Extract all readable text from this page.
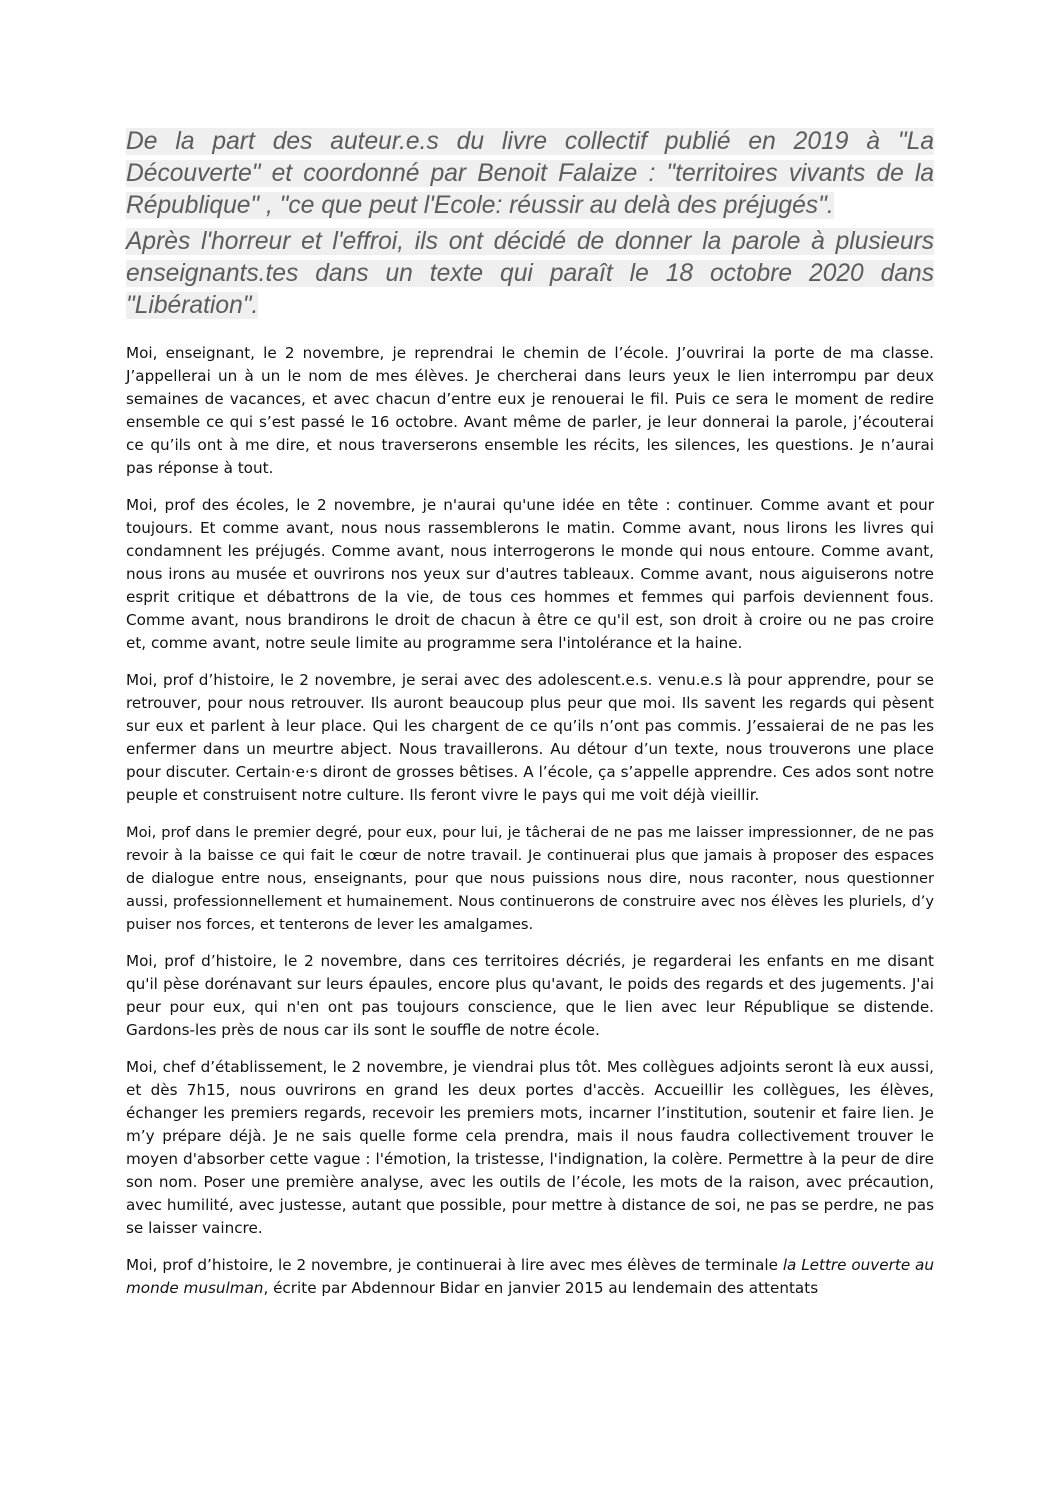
De la part des auteur.e.s du livre collectif publié en 2019 à "La Découverte" et coordonné par Benoit Falaize : "territoires vivants de la République" , "ce que peut l'Ecole: réussir au delà des préjugés".

Après l'horreur et l'effroi, ils ont décidé de donner la parole à plusieurs enseignants.tes dans un texte qui paraît le 18 octobre 2020 dans "Libération".

Moi, enseignant, le 2 novembre, je reprendrai le chemin de l’école. J’ouvrirai la porte de ma classe. J’appellerai un à un le nom de mes élèves. Je chercherai dans leurs yeux le lien interrompu par deux semaines de vacances, et avec chacun d’entre eux je renouerai le fil. Puis ce sera le moment de redire ensemble ce qui s’est passé le 16 octobre. Avant même de parler, je leur donnerai la parole, j’écouterai ce qu’ils ont à me dire, et nous traverserons ensemble les récits, les silences, les questions. Je n’aurai pas réponse à tout.

Moi, prof des écoles, le 2 novembre, je n'aurai qu'une idée en tête : continuer. Comme avant et pour toujours. Et comme avant, nous nous rassemblerons le matin. Comme avant, nous lirons les livres qui condamnent les préjugés. Comme avant, nous interrogerons le monde qui nous entoure. Comme avant, nous irons au musée et ouvrirons nos yeux sur d'autres tableaux. Comme avant, nous aiguiserons notre esprit critique et débattrons de la vie, de tous ces hommes et femmes qui parfois deviennent fous. Comme avant, nous brandirons le droit de chacun à être ce qu'il est, son droit à croire ou ne pas croire et, comme avant, notre seule limite au programme sera l'intolérance et la haine.

Moi, prof d’histoire, le 2 novembre, je serai avec des adolescent.e.s. venu.e.s là pour apprendre, pour se retrouver, pour nous retrouver. Ils auront beaucoup plus peur que moi. Ils savent les regards qui pèsent sur eux et parlent à leur place. Qui les chargent de ce qu’ils n’ont pas commis. J’essaierai de ne pas les enfermer dans un meurtre abject. Nous travaillerons. Au détour d’un texte, nous trouverons une place pour discuter. Certain·e·s diront de grosses bêtises. A l’école, ça s’appelle apprendre. Ces ados sont notre peuple et construisent notre culture. Ils feront vivre le pays qui me voit déjà vieillir.

Moi, prof dans le premier degré, pour eux, pour lui, je tâcherai de ne pas me laisser impressionner, de ne pas revoir à la baisse ce qui fait le cœur de notre travail. Je continuerai plus que jamais à proposer des espaces de dialogue entre nous, enseignants, pour que nous puissions nous dire, nous raconter, nous questionner aussi, professionnellement et humainement. Nous continuerons de construire avec nos élèves les pluriels, d’y puiser nos forces, et tenterons de lever les amalgames.

Moi, prof d’histoire, le 2 novembre, dans ces territoires décriés, je regarderai les enfants en me disant qu'il pèse dorénavant sur leurs épaules, encore plus qu'avant, le poids des regards et des jugements. J'ai peur pour eux, qui n'en ont pas toujours conscience, que le lien avec leur République se distende. Gardons-les près de nous car ils sont le souffle de notre école.

Moi, chef d’établissement, le 2 novembre, je viendrai plus tôt. Mes collègues adjoints seront là eux aussi, et dès 7h15, nous ouvrirons en grand les deux portes d'accès. Accueillir les collègues, les élèves, échanger les premiers regards, recevoir les premiers mots, incarner l’institution, soutenir et faire lien. Je m’y prépare déjà. Je ne sais quelle forme cela prendra, mais il nous faudra collectivement trouver le moyen d'absorber cette vague : l'émotion, la tristesse, l'indignation, la colère. Permettre à la peur de dire son nom. Poser une première analyse, avec les outils de l’école, les mots de la raison, avec précaution, avec humilité, avec justesse, autant que possible, pour mettre à distance de soi, ne pas se perdre, ne pas se laisser vaincre.

Moi, prof d’histoire, le 2 novembre, je continuerai à lire avec mes élèves de terminale la Lettre ouverte au monde musulman, écrite par Abdennour Bidar en janvier 2015 au lendemain des attentats
